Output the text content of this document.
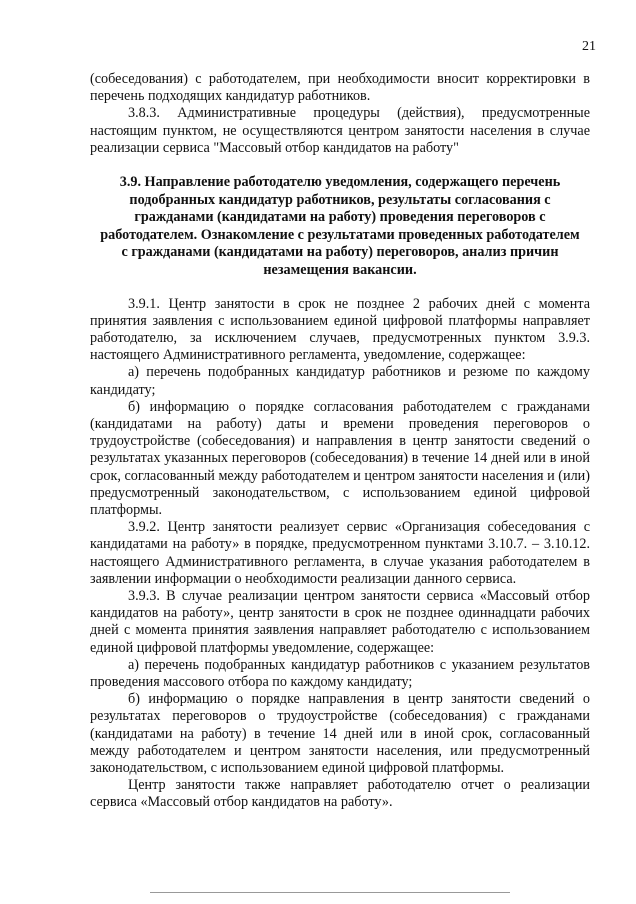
21

(собеседования) с работодателем, при необходимости вносит корректировки в перечень подходящих кандидатур работников.

3.8.3. Административные процедуры (действия), предусмотренные настоящим пунктом, не осуществляются центром занятости населения в случае реализации сервиса "Массовый отбор кандидатов на работу"

3.9. Направление работодателю уведомления, содержащего перечень подобранных кандидатур работников, результаты согласования с гражданами (кандидатами на работу) проведения переговоров с работодателем. Ознакомление с результатами проведенных работодателем с гражданами (кандидатами на работу) переговоров, анализ причин незамещения вакансии.

3.9.1. Центр занятости в срок не позднее 2 рабочих дней с момента принятия заявления с использованием единой цифровой платформы направляет работодателю, за исключением случаев, предусмотренных пунктом 3.9.3. настоящего Административного регламента, уведомление, содержащее:

а) перечень подобранных кандидатур работников и резюме по каждому кандидату;

б) информацию о порядке согласования работодателем с гражданами (кандидатами на работу) даты и времени проведения переговоров о трудоустройстве (собеседования) и направления в центр занятости сведений о результатах указанных переговоров (собеседования) в течение 14 дней или в иной срок, согласованный между работодателем и центром занятости населения и (или) предусмотренный законодательством, с использованием единой цифровой платформы.

3.9.2. Центр занятости реализует сервис «Организация собеседования с кандидатами на работу» в порядке, предусмотренном пунктами 3.10.7. – 3.10.12. настоящего Административного регламента, в случае указания работодателем в заявлении информации о необходимости реализации данного сервиса.

3.9.3. В случае реализации центром занятости сервиса «Массовый отбор кандидатов на работу», центр занятости в срок не позднее одиннадцати рабочих дней с момента принятия заявления направляет работодателю с использованием единой цифровой платформы уведомление, содержащее:

а) перечень подобранных кандидатур работников с указанием результатов проведения массового отбора по каждому кандидату;

б) информацию о порядке направления в центр занятости сведений о результатах переговоров о трудоустройстве (собеседования) с гражданами (кандидатами на работу) в течение 14 дней или в иной срок, согласованный между работодателем и центром занятости населения, или предусмотренный законодательством, с использованием единой цифровой платформы.

Центр занятости также направляет работодателю отчет о реализации сервиса «Массовый отбор кандидатов на работу».
